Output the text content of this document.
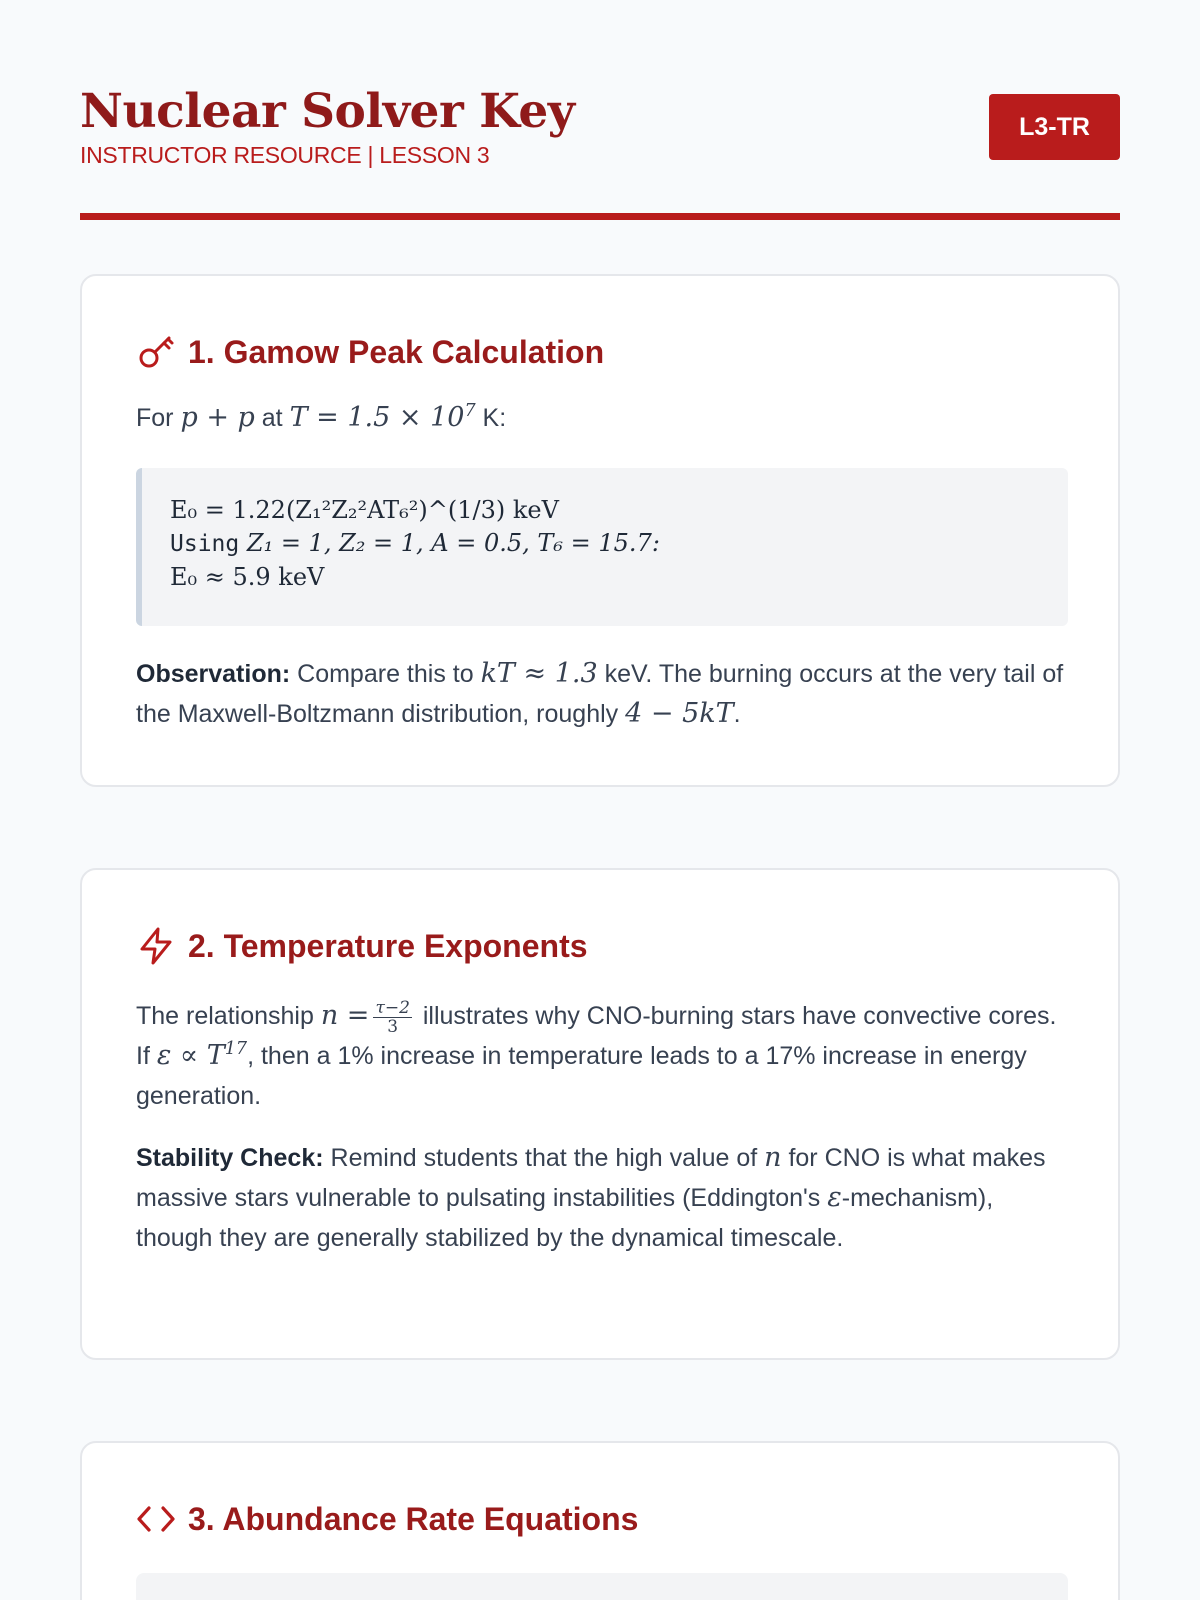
Nuclear Solver Key
INSTRUCTOR RESOURCE | LESSON 3
L3-TR
1. Gamow Peak Calculation

For p + p at $T = 1.5 \times 10^7$ K:

E₀ = 1.22(Z₁²Z₂²AT₆²)^(1/3) keV
Using Z₁ = 1, Z₂ = 1, A = 0.5, T₆ = 15.7:
E₀ ≈ 5.9 keV

Observation: Compare this to kT ≈ 1.3 keV. The burning occurs at the very tail of the Maxwell-Boltzmann distribution, roughly 4 − 5kT.

2. Temperature Exponents

The relationship $n = \frac{\tau-2}{3}$ illustrates why CNO-burning stars have convective cores. If $\varepsilon \propto T^{17}$, then a 1% increase in temperature leads to a 17% increase in energy generation.

Stability Check: Remind students that the high value of n for CNO is what makes massive stars vulnerable to pulsating instabilities (Eddington's ε-mechanism), though they are generally stabilized by the dynamical timescale.

3. Abundance Rate Equations
